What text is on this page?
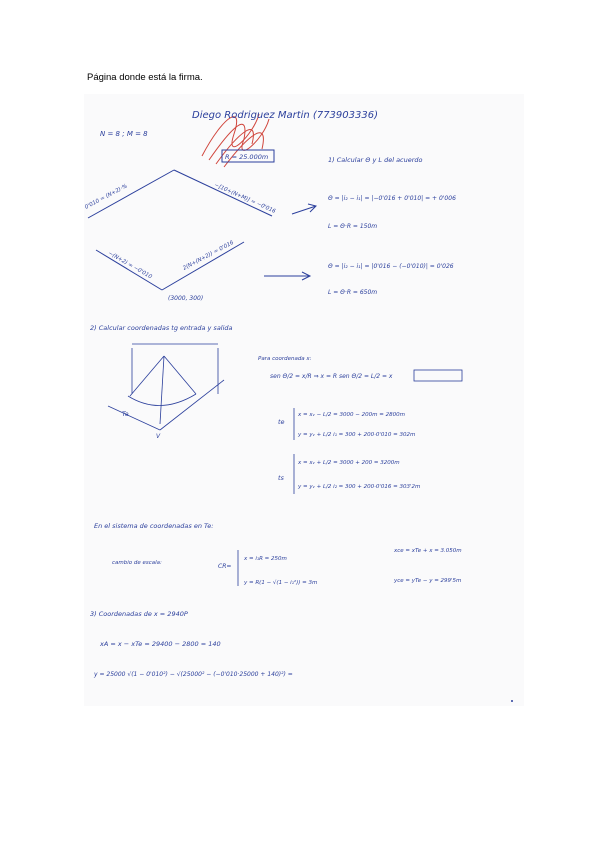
Página donde está la firma.
Diego Rodriguez Martin (773903336)
N = 8 ; M = 8
R = 25.000m
0'010 = (N+2)·%	−[10+(N+M)] = −0'016
−(N+2) = −0'010	2(N+(N+2)) = 0'016
(3000, 300)
1) Calcular Θ y L del acuerdo
Θ = |i₂ − i₁| = |−0'016 + 0'010| = + 0'006
L = Θ·R = 150m
Θ = |i₂ − i₁| = |0'016 − (−0'010)| = 0'026
L = Θ·R = 650m
2) Calcular coordenadas tg entrada y salida
Te
V
Para coordenada x:
sen Θ/2 = x/R ⇒ x = R sen Θ/2 = L/2 = x
te
x = xᵥ − L/2 = 3000 − 200m = 2800m
y = yᵥ + L/2 i₁ = 300 + 200·0'010 = 302m
ts
x = xᵥ + L/2 = 3000 + 200 = 3200m
y = yᵥ + L/2 i₂ = 300 + 200·0'016 = 303'2m
En el sistema de coordenadas en Te:
cambio de escala:	CR=
x = i₁R = 250m
y = R(1 − √(1 − i₁²)) = 3m
xce = xTe + x = 3.050m
yce = yTe − y = 299'5m
3) Coordenadas de x = 2940P
xA = x − xTe = 29400 − 2800 = 140
y = 25000 √(1 − 0'010²) − √(25000² − (−0'010·25000 + 140)²) =
